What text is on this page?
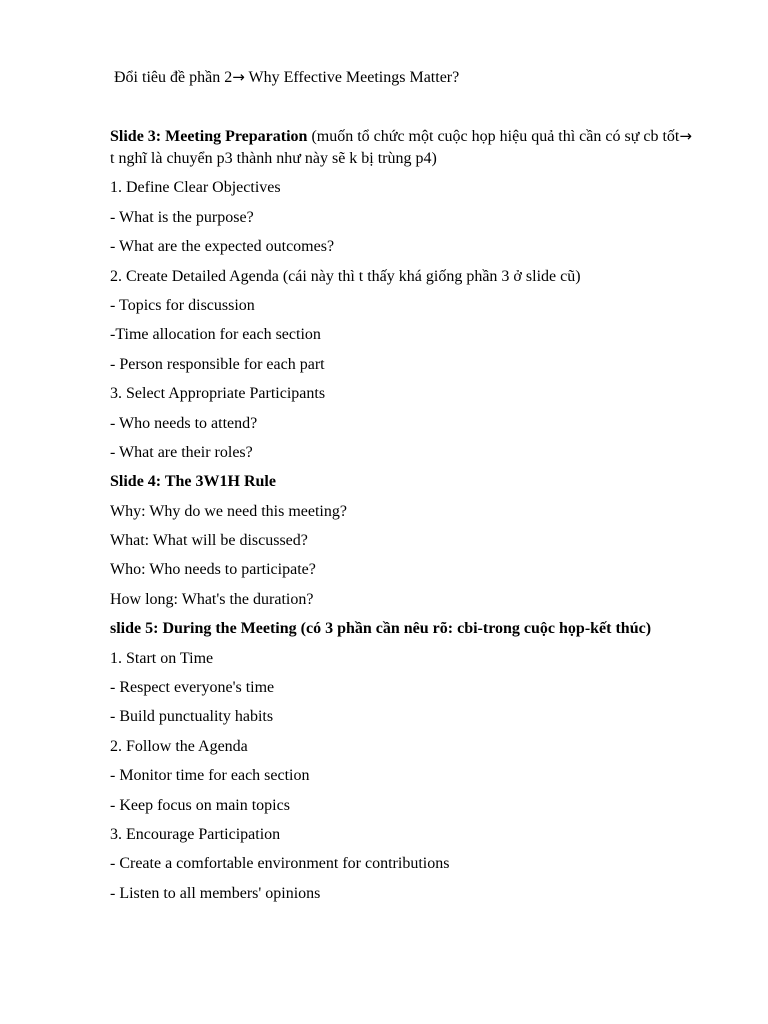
Đổi tiêu đề phần 2→ Why Effective Meetings Matter?

Slide 3: Meeting Preparation (muốn tổ chức một cuộc họp hiệu quả thì cần có sự cb tốt→ t nghĩ là chuyển p3 thành như này sẽ k bị trùng p4)

1. Define Clear Objectives

- What is the purpose?

- What are the expected outcomes?

2. Create Detailed Agenda (cái này thì t thấy khá giống phần 3 ở slide cũ)

- Topics for discussion

-Time allocation for each section

- Person responsible for each part

3. Select Appropriate Participants

- Who needs to attend?

- What are their roles?

Slide 4: The 3W1H Rule

Why: Why do we need this meeting?

What: What will be discussed?

Who: Who needs to participate?

How long: What's the duration?

slide 5: During the Meeting (có 3 phần cần nêu rõ: cbi-trong cuộc họp-kết thúc)

1. Start on Time

- Respect everyone's time

- Build punctuality habits

2. Follow the Agenda

- Monitor time for each section

- Keep focus on main topics

3. Encourage Participation

- Create a comfortable environment for contributions

- Listen to all members' opinions
